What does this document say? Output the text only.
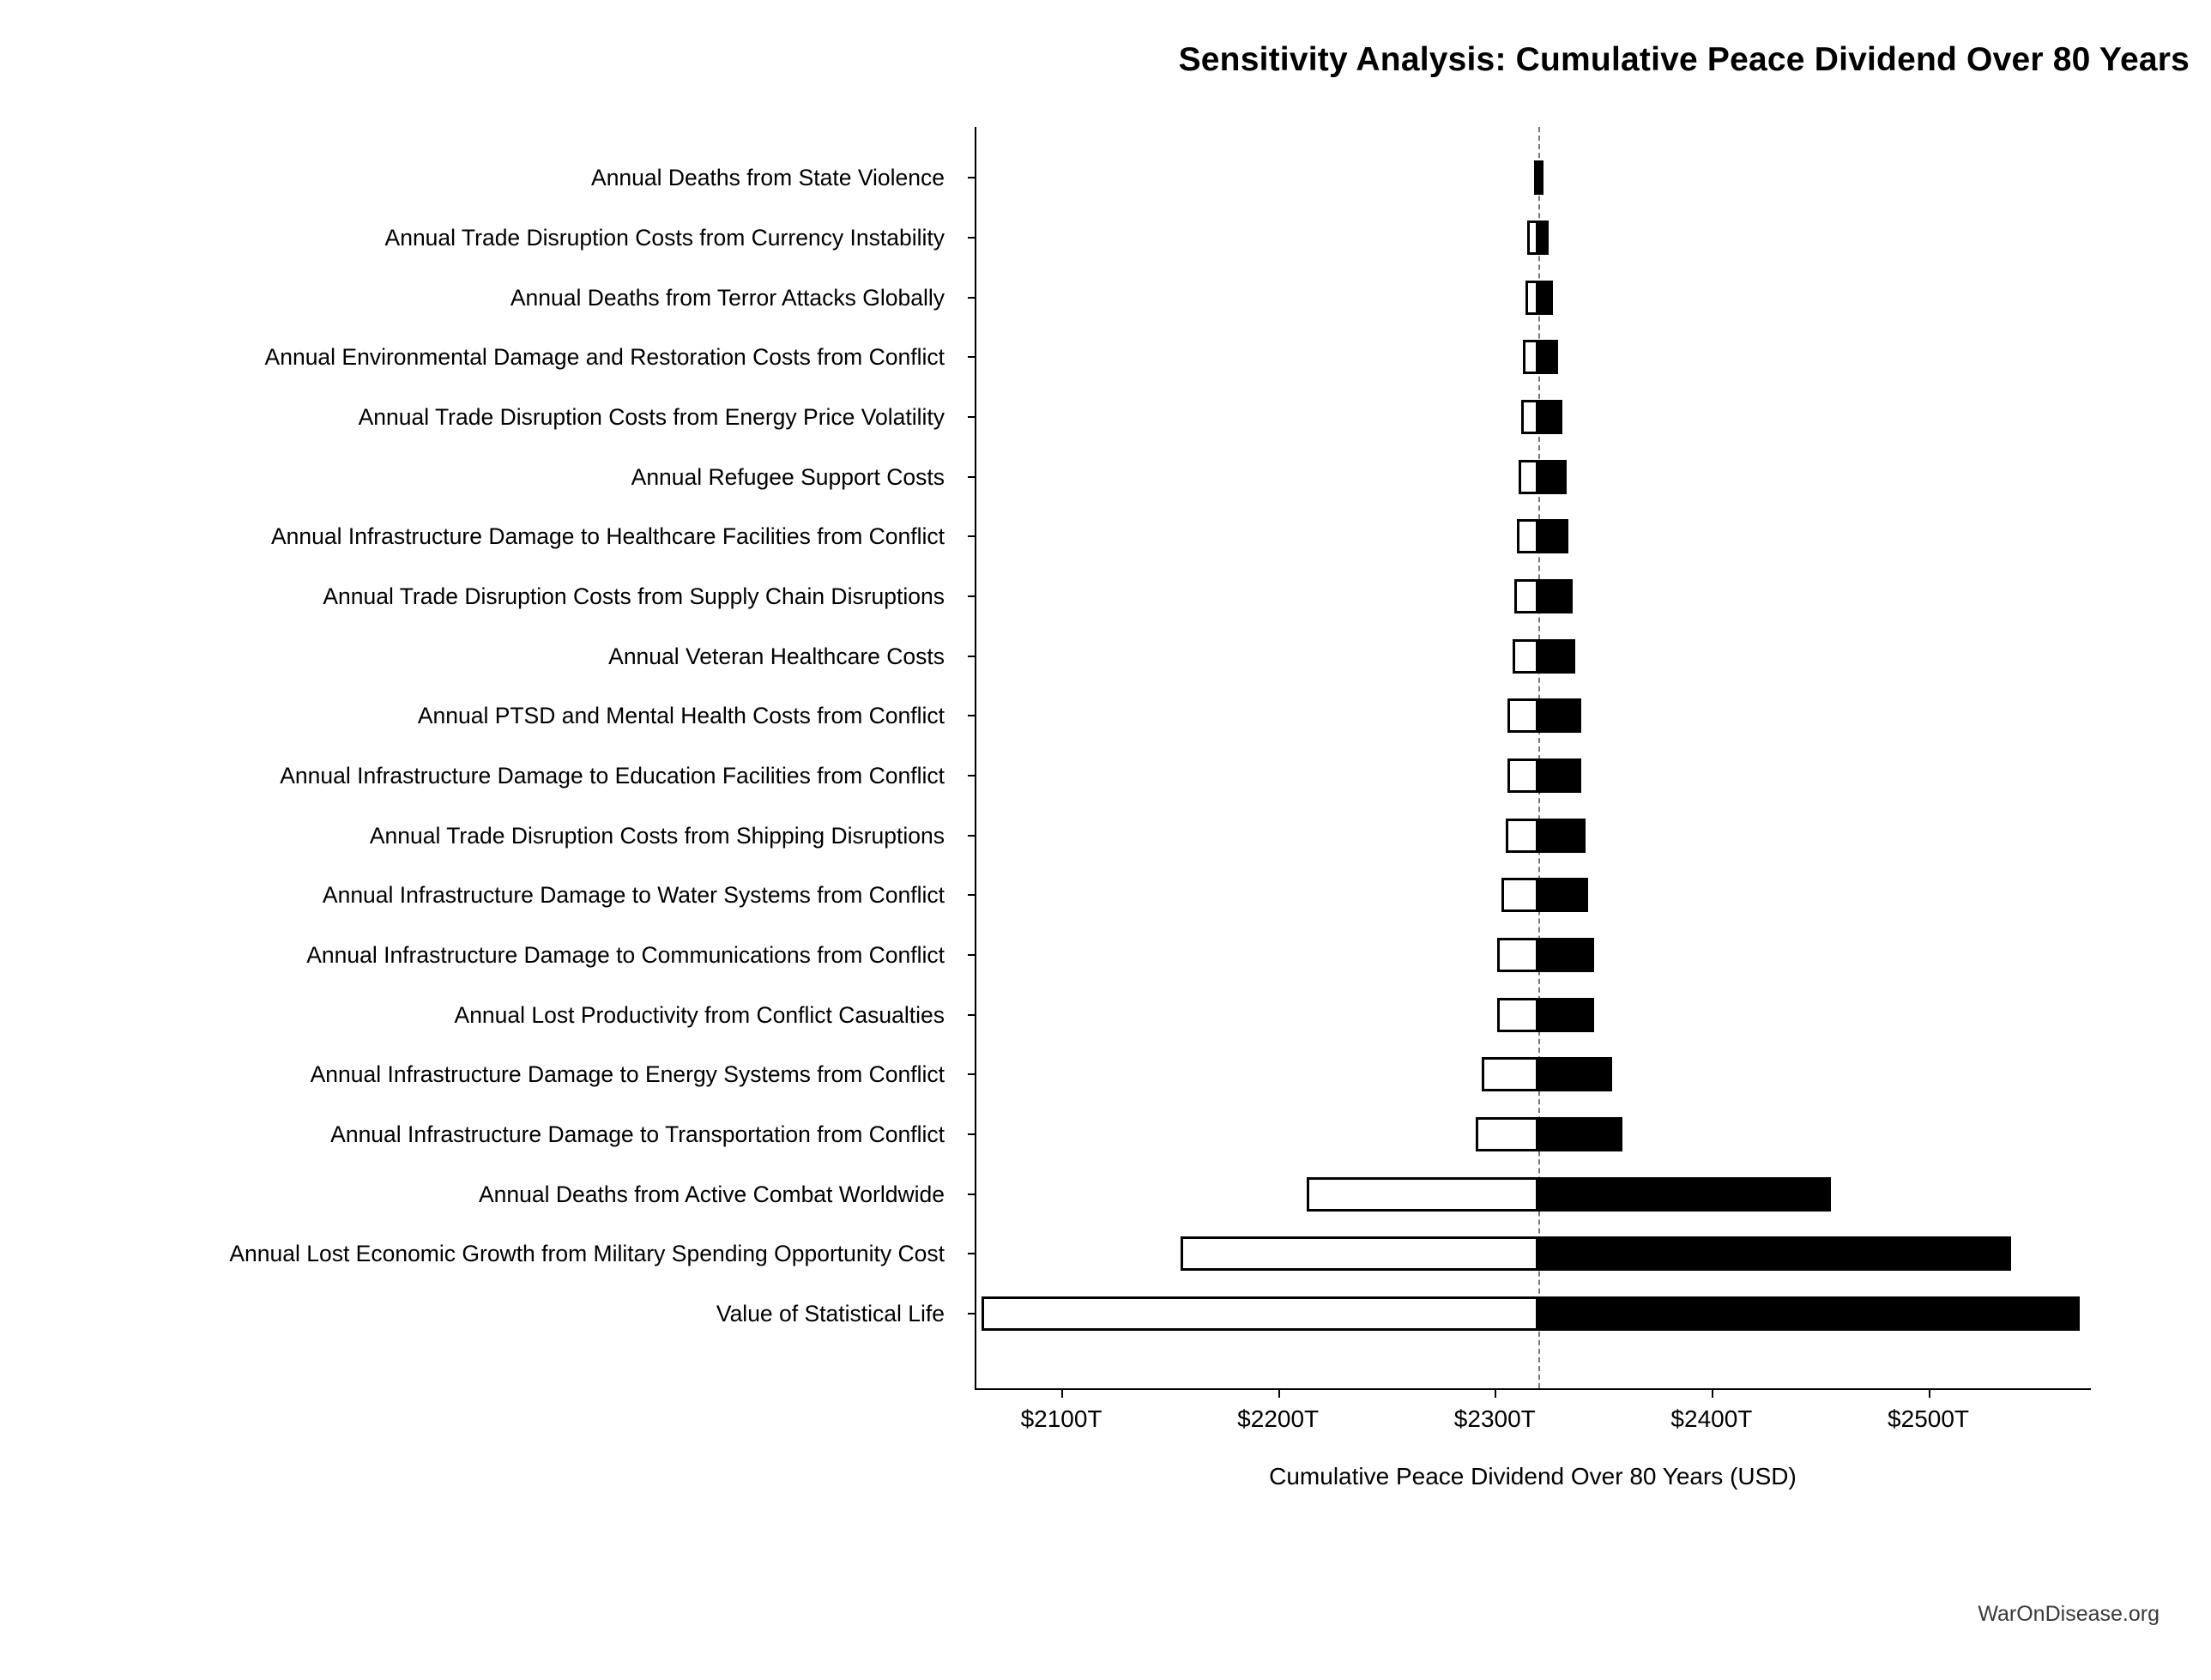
Sensitivity Analysis: Cumulative Peace Dividend Over 80 Years
Cumulative Peace Dividend Over 80 Years (USD)
WarOnDisease.org
Annual Deaths from State Violence
Annual Trade Disruption Costs from Currency Instability
Annual Deaths from Terror Attacks Globally
Annual Environmental Damage and Restoration Costs from Conflict
Annual Trade Disruption Costs from Energy Price Volatility
Annual Refugee Support Costs
Annual Infrastructure Damage to Healthcare Facilities from Conflict
Annual Trade Disruption Costs from Supply Chain Disruptions
Annual Veteran Healthcare Costs
Annual PTSD and Mental Health Costs from Conflict
Annual Infrastructure Damage to Education Facilities from Conflict
Annual Trade Disruption Costs from Shipping Disruptions
Annual Infrastructure Damage to Water Systems from Conflict
Annual Infrastructure Damage to Communications from Conflict
Annual Lost Productivity from Conflict Casualties
Annual Infrastructure Damage to Energy Systems from Conflict
Annual Infrastructure Damage to Transportation from Conflict
Annual Deaths from Active Combat Worldwide
Annual Lost Economic Growth from Military Spending Opportunity Cost
Value of Statistical Life
$2100T	$2200T	$2300T	$2400T	$2500T
